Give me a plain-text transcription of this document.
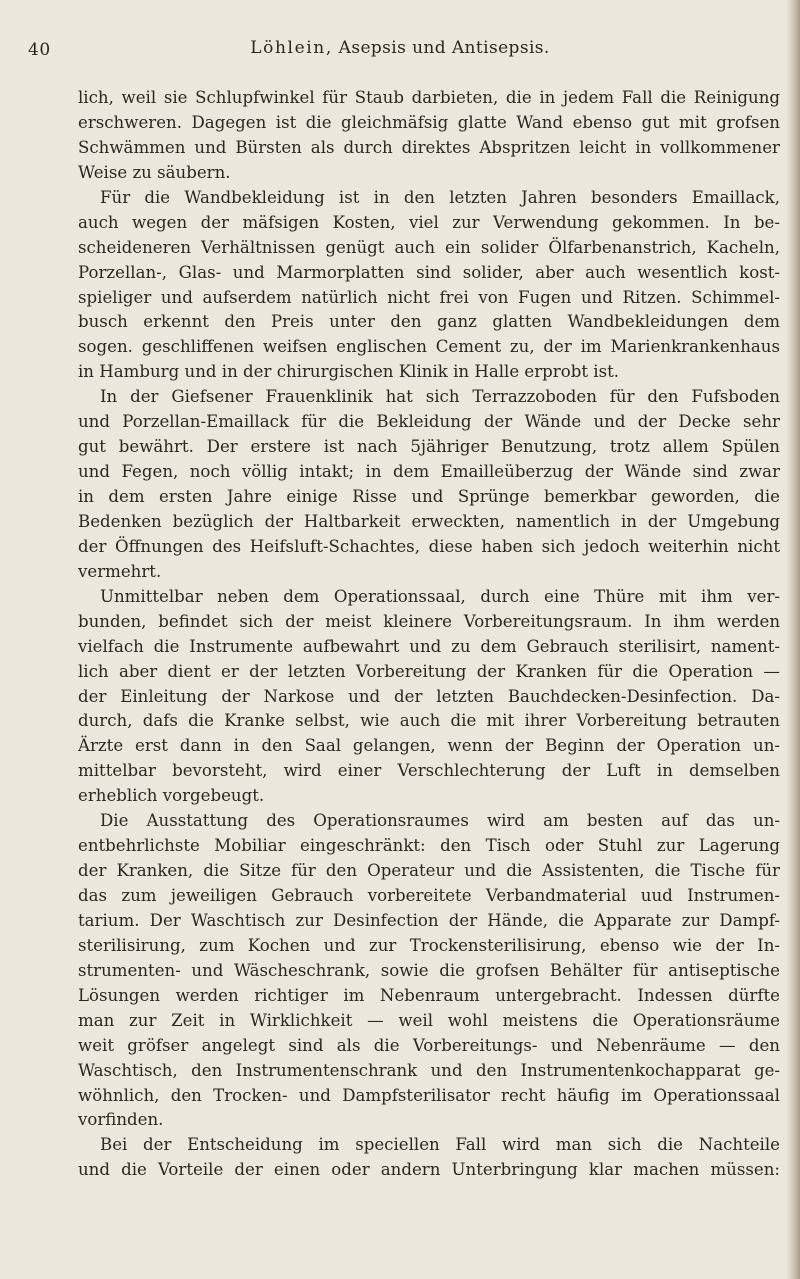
40	Löhlein, Asepsis und Antisepsis.
lich, weil sie Schlupfwinkel für Staub darbieten, die in jedem Fall die Reinigung
erschweren. Dagegen ist die gleichmäfsig glatte Wand ebenso gut mit grofsen
Schwämmen und Bürsten als durch direktes Abspritzen leicht in vollkommener
Weise zu säubern.
Für die Wandbekleidung ist in den letzten Jahren besonders Emaillack,
auch wegen der mäfsigen Kosten, viel zur Verwendung gekommen. In be-
scheideneren Verhältnissen genügt auch ein solider Ölfarbenanstrich, Kacheln,
Porzellan-, Glas- und Marmorplatten sind solider, aber auch wesentlich kost-
spieliger und aufserdem natürlich nicht frei von Fugen und Ritzen. Schimmel-
busch erkennt den Preis unter den ganz glatten Wandbekleidungen dem
sogen. geschliffenen weifsen englischen Cement zu, der im Marienkrankenhaus
in Hamburg und in der chirurgischen Klinik in Halle erprobt ist.
In der Giefsener Frauenklinik hat sich Terrazzoboden für den Fufsboden
und Porzellan-Emaillack für die Bekleidung der Wände und der Decke sehr
gut bewährt. Der erstere ist nach 5jähriger Benutzung, trotz allem Spülen
und Fegen, noch völlig intakt; in dem Emailleüberzug der Wände sind zwar
in dem ersten Jahre einige Risse und Sprünge bemerkbar geworden, die
Bedenken bezüglich der Haltbarkeit erweckten, namentlich in der Umgebung
der Öffnungen des Heifsluft-Schachtes, diese haben sich jedoch weiterhin nicht
vermehrt.
Unmittelbar neben dem Operationssaal, durch eine Thüre mit ihm ver-
bunden, befindet sich der meist kleinere Vorbereitungsraum. In ihm werden
vielfach die Instrumente aufbewahrt und zu dem Gebrauch sterilisirt, nament-
lich aber dient er der letzten Vorbereitung der Kranken für die Operation —
der Einleitung der Narkose und der letzten Bauchdecken-Desinfection. Da-
durch, dafs die Kranke selbst, wie auch die mit ihrer Vorbereitung betrauten
Ärzte erst dann in den Saal gelangen, wenn der Beginn der Operation un-
mittelbar bevorsteht, wird einer Verschlechterung der Luft in demselben
erheblich vorgebeugt.
Die Ausstattung des Operationsraumes wird am besten auf das un-
entbehrlichste Mobiliar eingeschränkt: den Tisch oder Stuhl zur Lagerung
der Kranken, die Sitze für den Operateur und die Assistenten, die Tische für
das zum jeweiligen Gebrauch vorbereitete Verbandmaterial uud Instrumen-
tarium. Der Waschtisch zur Desinfection der Hände, die Apparate zur Dampf-
sterilisirung, zum Kochen und zur Trockensterilisirung, ebenso wie der In-
strumenten- und Wäscheschrank, sowie die grofsen Behälter für antiseptische
Lösungen werden richtiger im Nebenraum untergebracht. Indessen dürfte
man zur Zeit in Wirklichkeit — weil wohl meistens die Operationsräume
weit gröfser angelegt sind als die Vorbereitungs- und Nebenräume — den
Waschtisch, den Instrumentenschrank und den Instrumentenkochapparat ge-
wöhnlich, den Trocken- und Dampfsterilisator recht häufig im Operationssaal
vorfinden.
Bei der Entscheidung im speciellen Fall wird man sich die Nachteile
und die Vorteile der einen oder andern Unterbringung klar machen müssen:
